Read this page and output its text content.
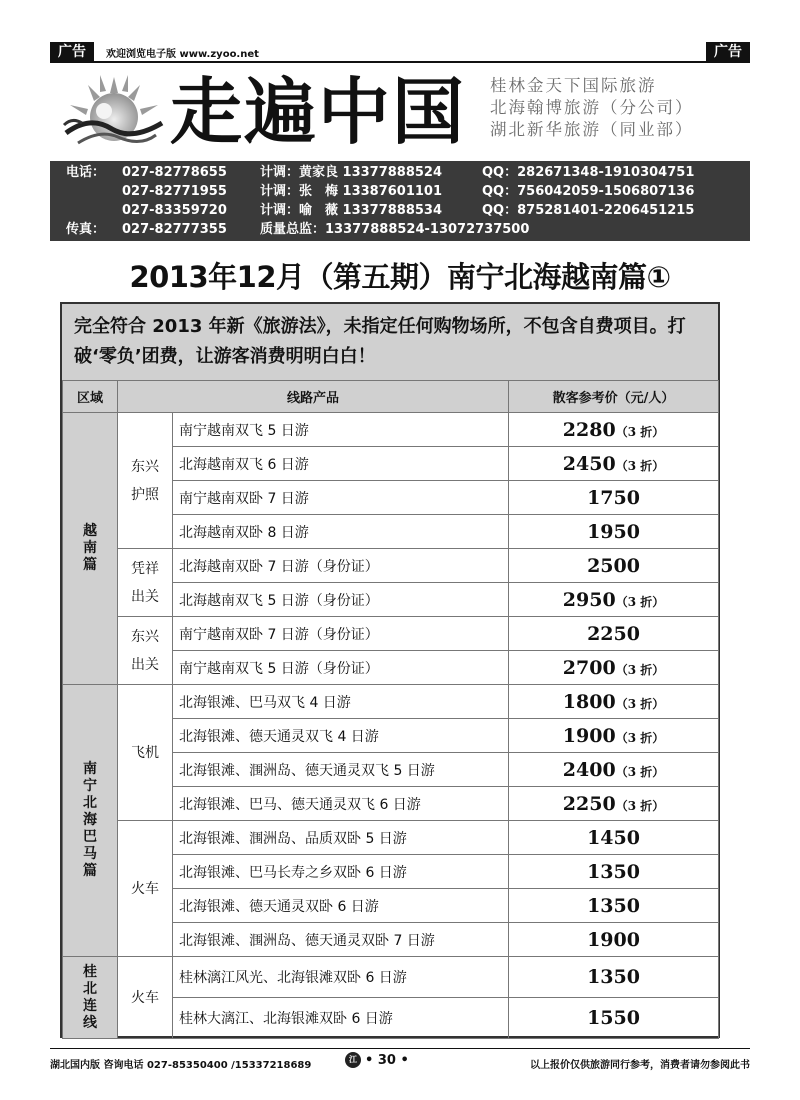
广告	欢迎浏览电子版 www.zyoo.net	广告
走遍中国 桂林金天下国际旅游
北海翰博旅游（分公司）
湖北新华旅游（同业部）
电话： 027-82778655	计调：黄家良 13377888524	QQ：282671348-1910304751
027-82771955	计调：张　梅 13387601101	QQ：756042059-1506807136
027-83359720	计调：喻　薇 13377888534	QQ：875281401-2206451215
传真： 027-82777355	质量总监：13377888524-13072737500
2013年12月（第五期）南宁北海越南篇①
完全符合 2013 年新《旅游法》，未指定任何购物场所，不包含自费项目。打破‘零负’团费，让游客消费明明白白！
区域	线路产品		散客参考价（元/人）
越南篇	东兴护照	南宁越南双飞 5 日游	2280（3 折）
		北海越南双飞 6 日游	2450（3 折）
		南宁越南双卧 7 日游	1750
		北海越南双卧 8 日游	1950
	凭祥出关	北海越南双卧 7 日游（身份证）	2500
		北海越南双飞 5 日游（身份证）	2950（3 折）
	东兴出关	南宁越南双卧 7 日游（身份证）	2250
		南宁越南双飞 5 日游（身份证）	2700（3 折）
南宁北海巴马篇	飞机	北海银滩、巴马双飞 4 日游	1800（3 折）
		北海银滩、德天通灵双飞 4 日游	1900（3 折）
		北海银滩、涠洲岛、德天通灵双飞 5 日游	2400（3 折）
		北海银滩、巴马、德天通灵双飞 6 日游	2250（3 折）
	火车	北海银滩、涠洲岛、品质双卧 5 日游	1450
		北海银滩、巴马长寿之乡双卧 6 日游	1350
		北海银滩、德天通灵双卧 6 日游	1350
		北海银滩、涠洲岛、德天通灵双卧 7 日游	1900
桂北连线	火车	桂林漓江风光、北海银滩双卧 6 日游	1350
		桂林大漓江、北海银滩双卧 6 日游	1550
湖北国内版 咨询电话 027-85350400 /15337218689
江 • 30 •	以上报价仅供旅游同行参考，消费者请勿参阅此书
